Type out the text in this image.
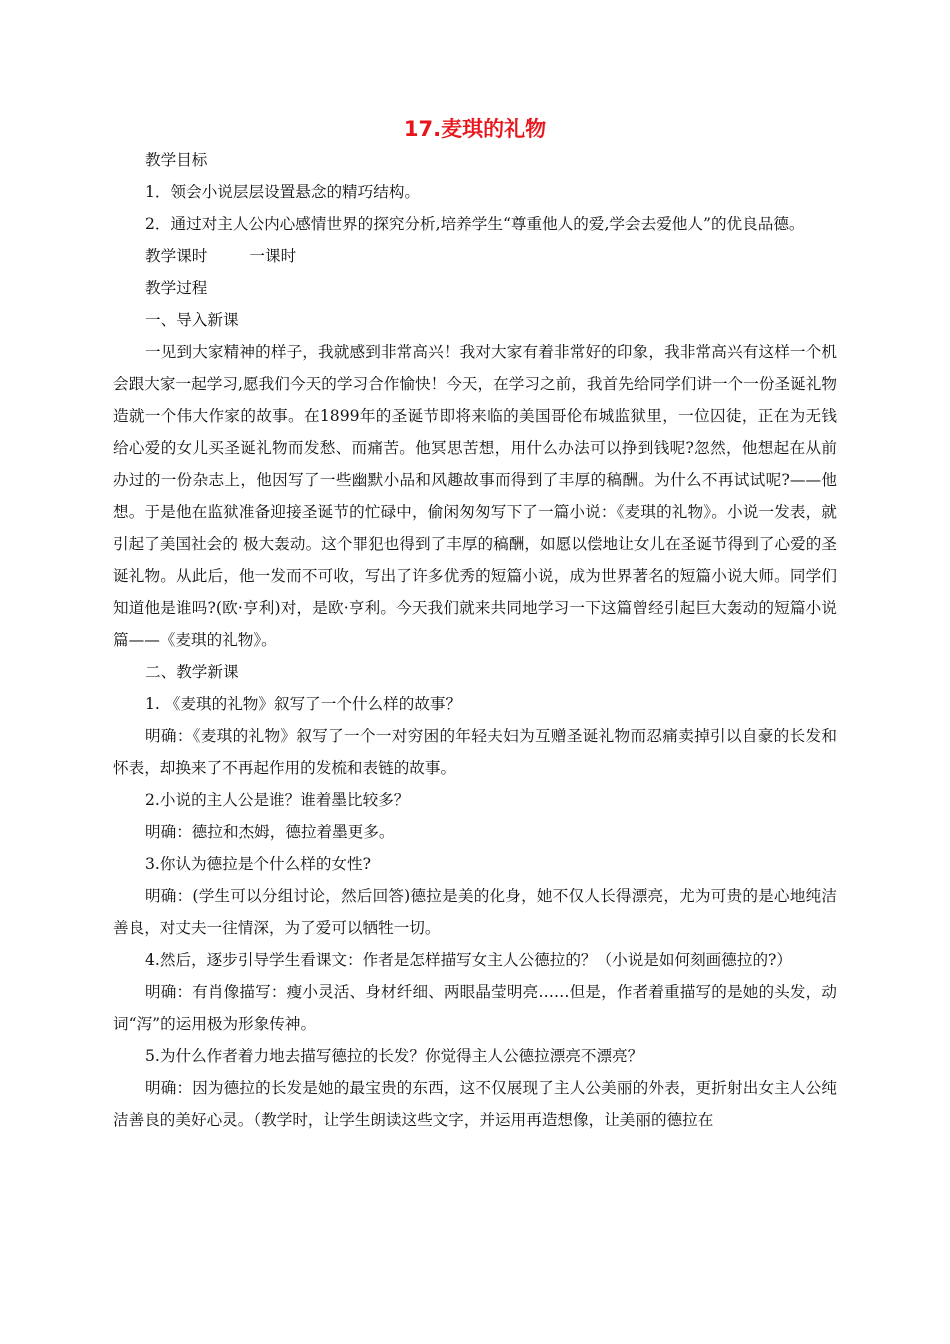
17.麦琪的礼物

教学目标

1．领会小说层层设置悬念的精巧结构。

2．通过对主人公内心感情世界的探究分析,培养学生“尊重他人的爱,学会去爱他人”的优良品德。

教学课时	一课时

教学过程

一、导入新课

一见到大家精神的样子，我就感到非常高兴！我对大家有着非常好的印象，我非常高兴有这样一个机会跟大家一起学习,愿我们今天的学习合作愉快！今天，在学习之前，我首先给同学们讲一个一份圣诞礼物造就一个伟大作家的故事。在1899年的圣诞节即将来临的美国哥伦布城监狱里，一位囚徒，正在为无钱给心爱的女儿买圣诞礼物而发愁、而痛苦。他冥思苦想，用什么办法可以挣到钱呢?忽然，他想起在从前办过的一份杂志上，他因写了一些幽默小品和风趣故事而得到了丰厚的稿酬。为什么不再试试呢?——他想。于是他在监狱准备迎接圣诞节的忙碌中，偷闲匆匆写下了一篇小说：《麦琪的礼物》。小说一发表，就引起了美国社会的 极大轰动。这个罪犯也得到了丰厚的稿酬，如愿以偿地让女儿在圣诞节得到了心爱的圣诞礼物。从此后，他一发而不可收，写出了许多优秀的短篇小说，成为世界著名的短篇小说大师。同学们知道他是谁吗?(欧·亨利)对，是欧·亨利。今天我们就来共同地学习一下这篇曾经引起巨大轰动的短篇小说篇——《麦琪的礼物》。

二、教学新课

1. 《麦琪的礼物》叙写了一个什么样的故事？

明确：《麦琪的礼物》叙写了一个一对穷困的年轻夫妇为互赠圣诞礼物而忍痛卖掉引以自豪的长发和怀表，却换来了不再起作用的发梳和表链的故事。

2.小说的主人公是谁？谁着墨比较多？

明确：德拉和杰姆，德拉着墨更多。

3.你认为德拉是个什么样的女性?

明确：(学生可以分组讨论，然后回答)德拉是美的化身，她不仅人长得漂亮，尤为可贵的是心地纯洁善良，对丈夫一往情深，为了爱可以牺牲一切。

4.然后，逐步引导学生看课文：作者是怎样描写女主人公德拉的？（小说是如何刻画德拉的?）

明确：有肖像描写：瘦小灵活、身材纤细、两眼晶莹明亮……但是，作者着重描写的是她的头发，动词“泻”的运用极为形象传神。

5.为什么作者着力地去描写德拉的长发？你觉得主人公德拉漂亮不漂亮？

明确：因为德拉的长发是她的最宝贵的东西，这不仅展现了主人公美丽的外表，更折射出女主人公纯洁善良的美好心灵。（教学时，让学生朗读这些文字，并运用再造想像，让美丽的德拉在
